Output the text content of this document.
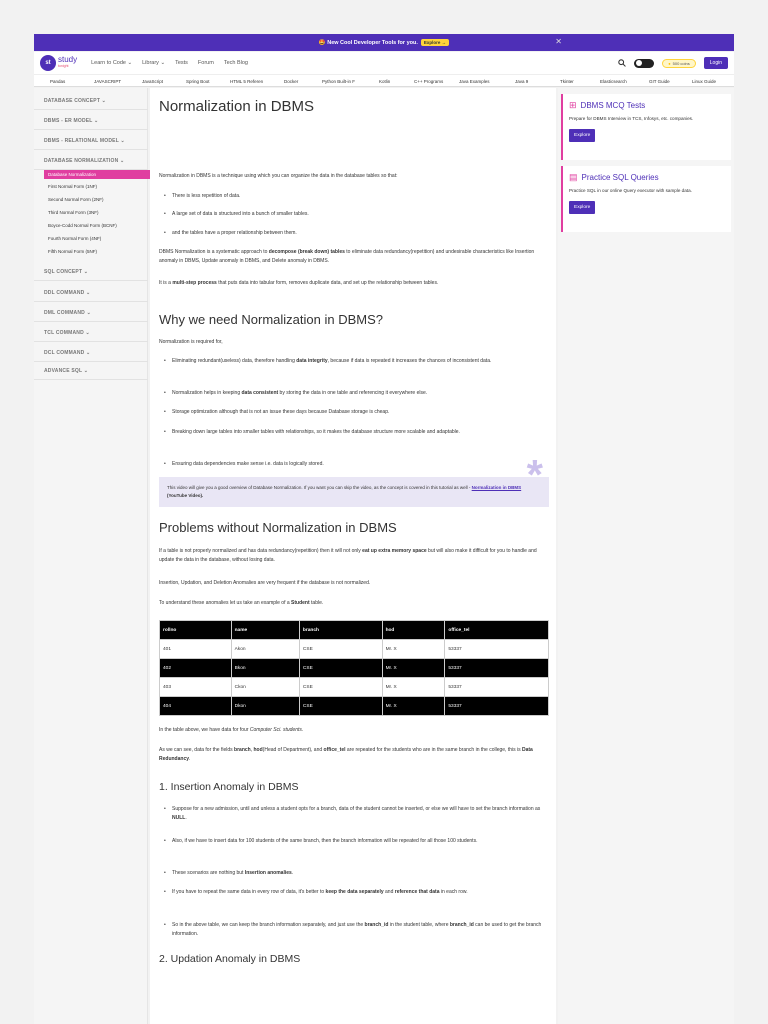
🤩 New Cool Developer Tools for you.	Explore →	✕
st study
tonight	Learn to Code ⌄ Library ⌄ Tests Forum Tech Blog	● 500 coins	Login
Pandas	JAVASCRIPT	JavaScript	Spring Boot	HTML 5 Referen	Docker	Python Built-in F	Kotlin	C++ Programs	Java Examples	Java 9	Tkinter	Elasticsearch	GIT Guide	Linux Guide
DATABASE CONCEPT ⌄
DBMS - ER MODEL ⌄
DBMS - RELATIONAL MODEL ⌄
DATABASE NORMALIZATION ⌄
Database Normalization
First Normal Form (1NF)
Second Normal Form (2NF)
Third Normal Form (3NF)
Boyce-Codd Normal Form (BCNF)
Fourth Normal Form (4NF)
Fifth Normal Form (5NF)
SQL CONCEPT ⌄
DDL COMMAND ⌄
DML COMMAND ⌄
TCL COMMAND ⌄
DCL COMMAND ⌄
ADVANCE SQL ⌄
Normalization in DBMS
Normalization in DBMS is a technique using which you can organize the data in the database tables so that:
• There is less repetition of data.
• A large set of data is structured into a bunch of smaller tables.
• and the tables have a proper relationship between them.
DBMS Normalization is a systematic approach to decompose (break down) tables to eliminate data redundancy(repetition) and undesirable characteristics like Insertion anomaly in DBMS, Update anomaly in DBMS, and Delete anomaly in DBMS.
It is a multi-step process that puts data into tabular form, removes duplicate data, and set up the relationship between tables.
Why we need Normalization in DBMS?
Normalization is required for,
• Eliminating redundant(useless) data, therefore handling data integrity, because if data is repeated it increases the chances of inconsistent data.
• Normalization helps in keeping data consistent by storing the data in one table and referencing it everywhere else.
• Storage optimization although that is not an issue these days because Database storage is cheap.
• Breaking down large tables into smaller tables with relationships, so it makes the database structure more scalable and adaptable.
• Ensuring data dependencies make sense i.e. data is logically stored.
This video will give you a good overview of Database Normalization. If you want you can skip the video, as the concept is covered in this tutorial as well - Normalization in DBMS (YouTube Video).	*
Problems without Normalization in DBMS
If a table is not properly normalized and has data redundancy(repetition) then it will not only eat up extra memory space but will also make it difficult for you to handle and update the data in the database, without losing data.
Insertion, Updation, and Deletion Anomalies are very frequent if the database is not normalized.
To understand these anomalies let us take an example of a Student table.
rollno	name	branch	hod	office_tel
401	Akon	CSE	Mr. X	53337
402	Bkon	CSE	Mr. X	53337
403	Ckon	CSE	Mr. X	53337
404	Dkon	CSE	Mr. X	53337
In the table above, we have data for four Computer Sci. students.
As we can see, data for the fields branch, hod(Head of Department), and office_tel are repeated for the students who are in the same branch in the college, this is Data Redundancy.
1. Insertion Anomaly in DBMS
• Suppose for a new admission, until and unless a student opts for a branch, data of the student cannot be inserted, or else we will have to set the branch information as NULL.
• Also, if we have to insert data for 100 students of the same branch, then the branch information will be repeated for all those 100 students.
• These scenarios are nothing but Insertion anomalies.
• If you have to repeat the same data in every row of data, it's better to keep the data separately and reference that data in each row.
• So in the above table, we can keep the branch information separately, and just use the branch_id in the student table, where branch_id can be used to get the branch information.
2. Updation Anomaly in DBMS
⊞ DBMS MCQ Tests
Prepare for DBMS Interview in TCS, Infosys, etc. companies.
Explore
▤ Practice SQL Queries
Practice SQL in our online Query executor with sample data.
Explore
